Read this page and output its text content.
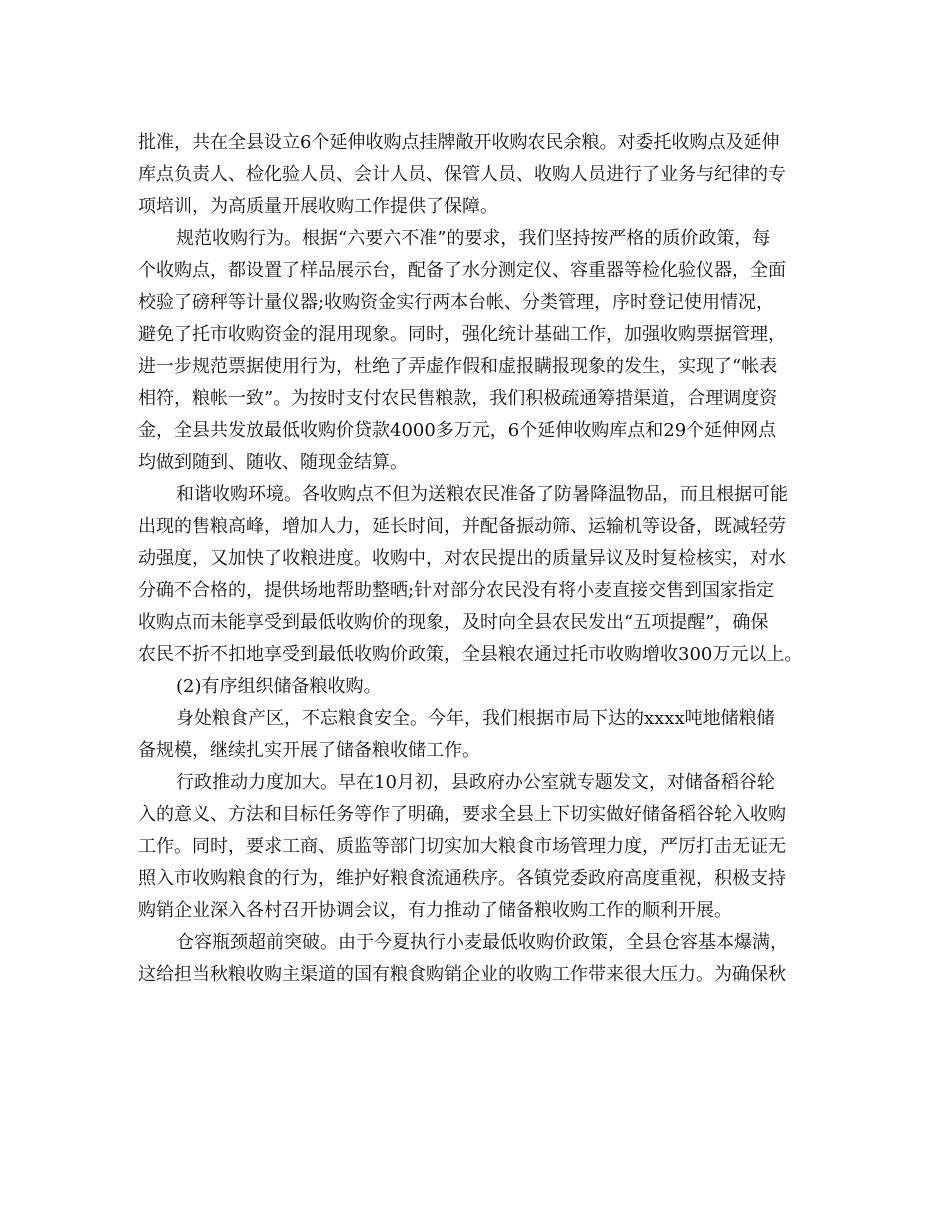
批准，共在全县设立6个延伸收购点挂牌敞开收购农民余粮。对委托收购点及延伸
库点负责人、检化验人员、会计人员、保管人员、收购人员进行了业务与纪律的专
项培训，为高质量开展收购工作提供了保障。
规范收购行为。根据“六要六不准”的要求，我们坚持按严格的质价政策，每
个收购点，都设置了样品展示台，配备了水分测定仪、容重器等检化验仪器，全面
校验了磅秤等计量仪器;收购资金实行两本台帐、分类管理，序时登记使用情况，
避免了托市收购资金的混用现象。同时，强化统计基础工作，加强收购票据管理，
进一步规范票据使用行为，杜绝了弄虚作假和虚报瞒报现象的发生，实现了“帐表
相符，粮帐一致”。为按时支付农民售粮款，我们积极疏通筹措渠道，合理调度资
金，全县共发放最低收购价贷款4000多万元，6个延伸收购库点和29个延伸网点
均做到随到、随收、随现金结算。
和谐收购环境。各收购点不但为送粮农民准备了防暑降温物品，而且根据可能
出现的售粮高峰，增加人力，延长时间，并配备振动筛、运输机等设备，既减轻劳
动强度，又加快了收粮进度。收购中，对农民提出的质量异议及时复检核实，对水
分确不合格的，提供场地帮助整晒;针对部分农民没有将小麦直接交售到国家指定
收购点而未能享受到最低收购价的现象，及时向全县农民发出“五项提醒”，确保
农民不折不扣地享受到最低收购价政策，全县粮农通过托市收购增收300万元以上。
(2)有序组织储备粮收购。
身处粮食产区，不忘粮食安全。今年，我们根据市局下达的xxxx吨地储粮储
备规模，继续扎实开展了储备粮收储工作。
行政推动力度加大。早在10月初，县政府办公室就专题发文，对储备稻谷轮
入的意义、方法和目标任务等作了明确，要求全县上下切实做好储备稻谷轮入收购
工作。同时，要求工商、质监等部门切实加大粮食市场管理力度，严厉打击无证无
照入市收购粮食的行为，维护好粮食流通秩序。各镇党委政府高度重视，积极支持
购销企业深入各村召开协调会议，有力推动了储备粮收购工作的顺利开展。
仓容瓶颈超前突破。由于今夏执行小麦最低收购价政策，全县仓容基本爆满，
这给担当秋粮收购主渠道的国有粮食购销企业的收购工作带来很大压力。为确保秋
